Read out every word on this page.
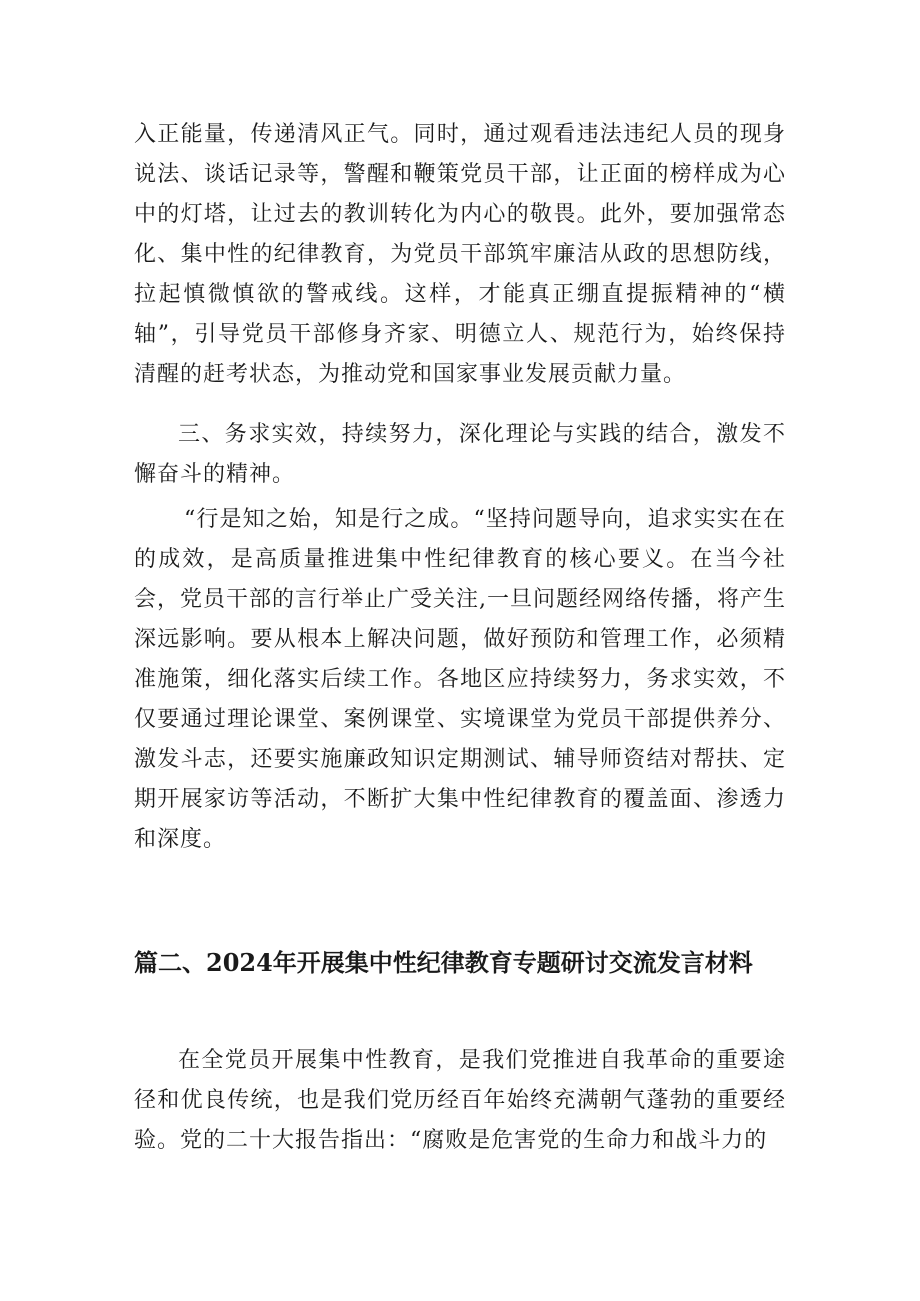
入正能量，传递清风正气。同时，通过观看违法违纪人员的现身说法、谈话记录等，警醒和鞭策党员干部，让正面的榜样成为心中的灯塔，让过去的教训转化为内心的敬畏。此外，要加强常态化、集中性的纪律教育，为党员干部筑牢廉洁从政的思想防线，拉起慎微慎欲的警戒线。这样，才能真正绷直提振精神的“横轴”，引导党员干部修身齐家、明德立人、规范行为，始终保持清醒的赶考状态，为推动党和国家事业发展贡献力量。

三、务求实效，持续努力，深化理论与实践的结合，激发不懈奋斗的精神。

“行是知之始，知是行之成。“坚持问题导向，追求实实在在的成效，是高质量推进集中性纪律教育的核心要义。在当今社会，党员干部的言行举止广受关注,一旦问题经网络传播，将产生深远影响。要从根本上解决问题，做好预防和管理工作，必须精准施策，细化落实后续工作。各地区应持续努力，务求实效，不仅要通过理论课堂、案例课堂、实境课堂为党员干部提供养分、激发斗志，还要实施廉政知识定期测试、辅导师资结对帮扶、定期开展家访等活动，不断扩大集中性纪律教育的覆盖面、渗透力和深度。

篇二、2024年开展集中性纪律教育专题研讨交流发言材料

在全党员开展集中性教育，是我们党推进自我革命的重要途径和优良传统，也是我们党历经百年始终充满朝气蓬勃的重要经验。党的二十大报告指出：“腐败是危害党的生命力和战斗力的
